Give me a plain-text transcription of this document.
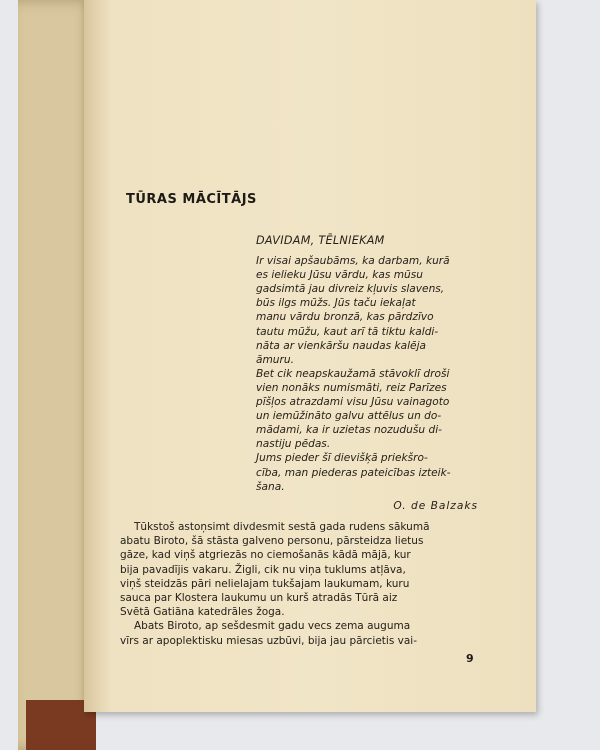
TŪRAS MĀCĪTĀJS
DAVIDAM, TĒLNIEKAM
Ir visai apšaubāms, ka darbam, kurā
es ielieku Jūsu vārdu, kas mūsu
gadsimtā jau divreiz kļuvis slavens,
būs ilgs mūžs. Jūs taču iekaļat
manu vārdu bronzā, kas pārdzīvo
tautu mūžu, kaut arī tā tiktu kaldi-
nāta ar vienkāršu naudas kalēja
āmuru.
Bet cik neapskaužamā stāvoklī droši
vien nonāks numismāti, reiz Parīzes
pīšļos atrazdami visu Jūsu vainagoto
un iemūžināto galvu attēlus un do-
mādami, ka ir uzietas nozudušu di-
nastiju pēdas.
Jums pieder šī dievišķā priekšro-
cība, man piederas pateicības izteik-
šana.
O. de Balzaks
Tūkstoš astoņsimt divdesmit sestā gada rudens sākumā
abatu Biroto, šā stāsta galveno personu, pārsteidza lietus
gāze, kad viņš atgriezās no ciemošanās kādā mājā, kur
bija pavadījis vakaru. Žigli, cik nu viņa tuklums atļāva,
viņš steidzās pāri nelielajam tukšajam laukumam, kuru
sauca par Klostera laukumu un kurš atradās Tūrā aiz
Svētā Gatiāna katedrāles žoga.
Abats Biroto, ap sešdesmit gadu vecs zema auguma
vīrs ar apoplektisku miesas uzbūvi, bija jau pārcietis vai-
9
